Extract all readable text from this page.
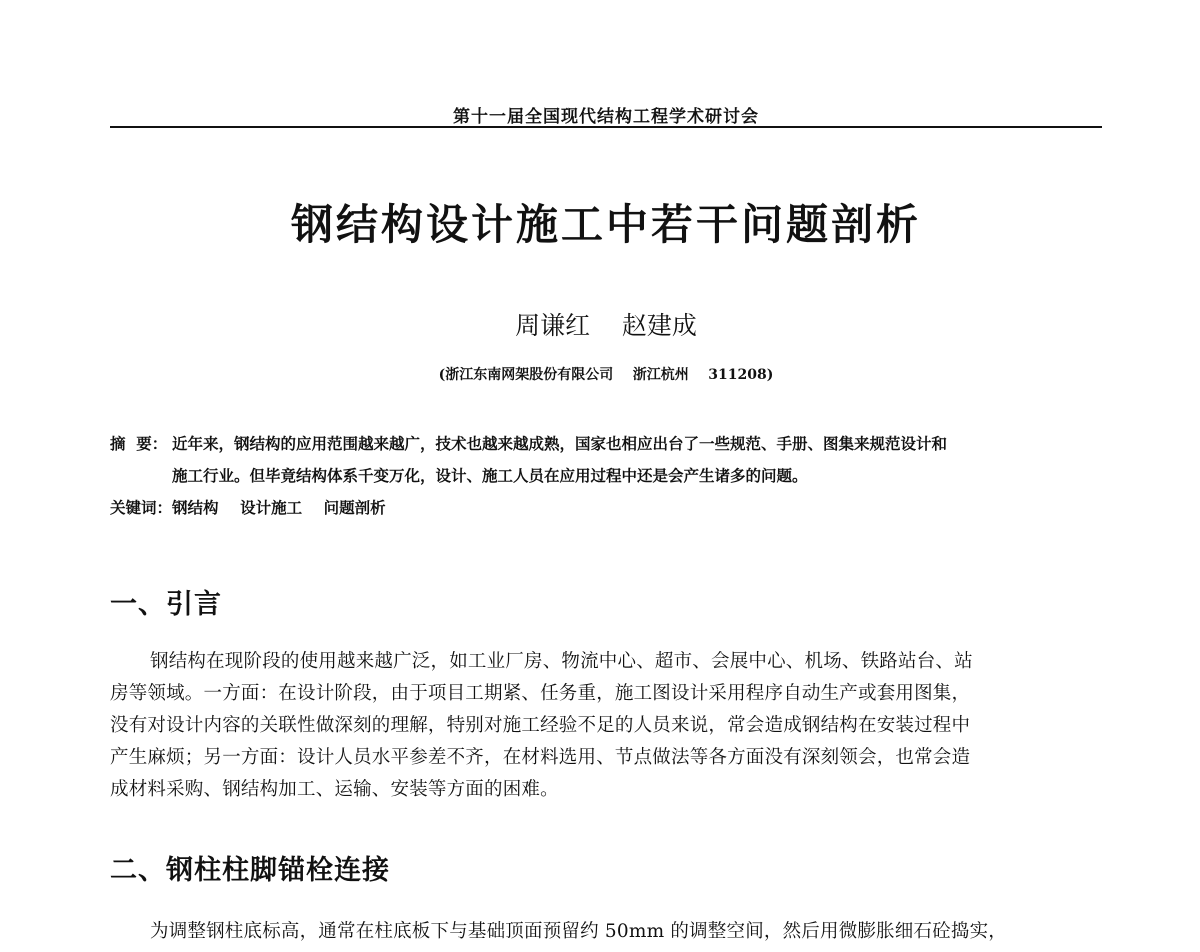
第十一届全国现代结构工程学术研讨会
钢结构设计施工中若干问题剖析
周谦红    赵建成
(浙江东南网架股份有限公司    浙江杭州    311208)
摘  要： 近年来，钢结构的应用范围越来越广，技术也越来越成熟，国家也相应出台了一些规范、手册、图集来规范设计和
施工行业。但毕竟结构体系千变万化，设计、施工人员在应用过程中还是会产生诸多的问题。
关键词：钢结构    设计施工    问题剖析
一、引言
钢结构在现阶段的使用越来越广泛，如工业厂房、物流中心、超市、会展中心、机场、铁路站台、站
房等领域。一方面：在设计阶段，由于项目工期紧、任务重，施工图设计采用程序自动生产或套用图集，
没有对设计内容的关联性做深刻的理解，特别对施工经验不足的人员来说，常会造成钢结构在安装过程中
产生麻烦；另一方面：设计人员水平参差不齐，在材料选用、节点做法等各方面没有深刻领会，也常会造
成材料采购、钢结构加工、运输、安装等方面的困难。
二、钢柱柱脚锚栓连接
为调整钢柱底标高，通常在柱底板下与基础顶面预留约 50mm 的调整空间，然后用微膨胀细石砼捣实，
